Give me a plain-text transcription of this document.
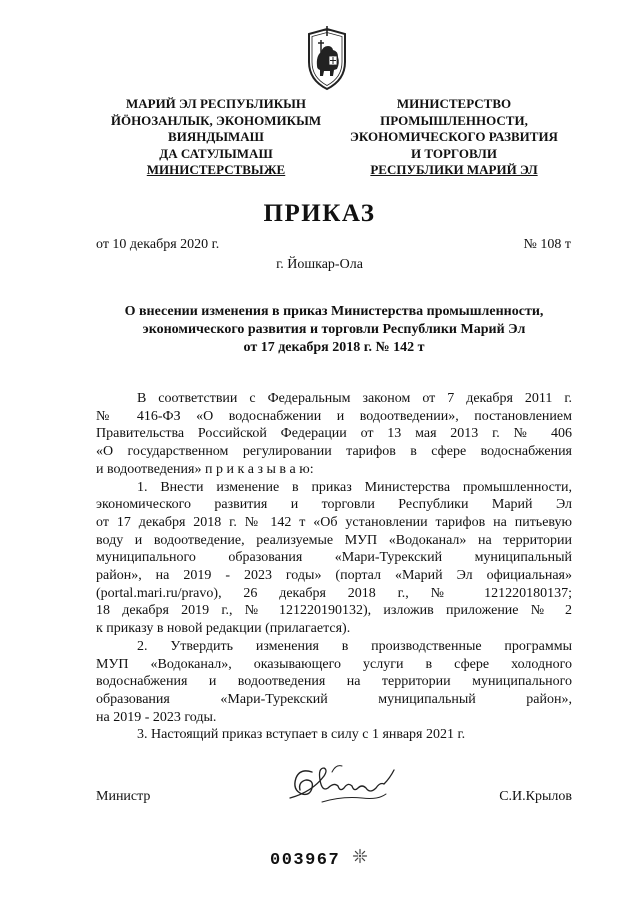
МАРИЙ ЭЛ РЕСПУБЛИКЫН
ЙӦНОЗАНЛЫК, ЭКОНОМИКЫМ
ВИЯНДЫМАШ
ДА САТУЛЫМАШ
МИНИСТЕРСТВЫЖЕ
МИНИСТЕРСТВО
ПРОМЫШЛЕННОСТИ,
ЭКОНОМИЧЕСКОГО РАЗВИТИЯ
И ТОРГОВЛИ
РЕСПУБЛИКИ МАРИЙ ЭЛ
ПРИКАЗ
от 10 декабря 2020 г.	№ 108 т
г. Йошкар-Ола
О внесении изменения в приказ Министерства промышленности,
экономического развития и торговли Республики Марий Эл
от 17 декабря 2018 г. № 142 т
В соответствии с Федеральным законом от 7 декабря 2011 г.
№ 416-ФЗ «О водоснабжении и водоотведении», постановлением
Правительства Российской Федерации от 13 мая 2013 г. № 406
«О государственном регулировании тарифов в сфере водоснабжения
и водоотведения» п р и к а з ы в а ю:
1. Внести изменение в приказ Министерства промышленности,
экономического развития и торговли Республики Марий Эл
от 17 декабря 2018 г. № 142 т «Об установлении тарифов на питьевую
воду и водоотведение, реализуемые МУП «Водоканал» на территории
муниципального образования «Мари-Турекский муниципальный
район», на 2019 - 2023 годы» (портал «Марий Эл официальная»
(portal.mari.ru/pravo), 26 декабря 2018 г., № 121220180137;
18 декабря 2019 г., № 121220190132), изложив приложение № 2
к приказу в новой редакции (прилагается).
2. Утвердить изменения в производственные программы
МУП «Водоканал», оказывающего услуги в сфере холодного
водоснабжения и водоотведения на территории муниципального
образования «Мари-Турекский муниципальный район»,
на 2019 - 2023 годы.
3. Настоящий приказ вступает в силу с 1 января 2021 г.
Министр	С.И.Крылов
003967
